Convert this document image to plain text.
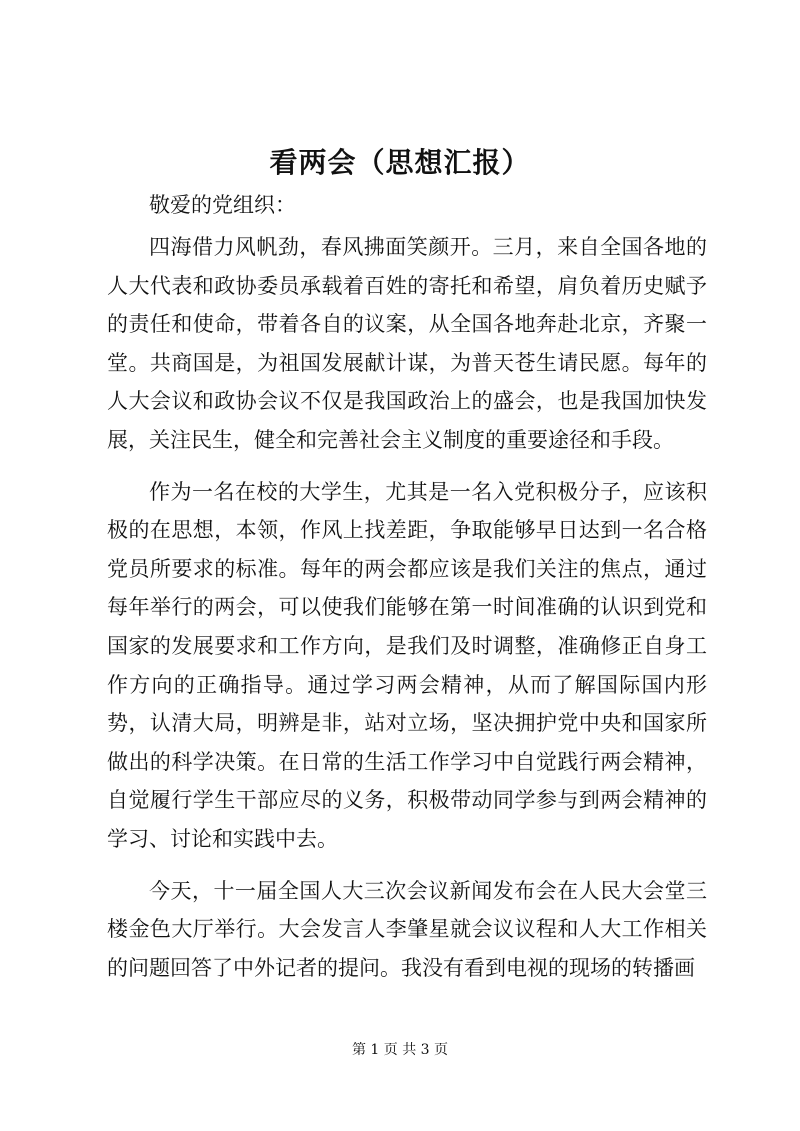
看两会（思想汇报）

敬爱的党组织：

四海借力风帆劲，春风拂面笑颜开。三月，来自全国各地的人大代表和政协委员承载着百姓的寄托和希望，肩负着历史赋予的责任和使命，带着各自的议案，从全国各地奔赴北京，齐聚一堂。共商国是，为祖国发展献计谋，为普天苍生请民愿。每年的人大会议和政协会议不仅是我国政治上的盛会，也是我国加快发展，关注民生，健全和完善社会主义制度的重要途径和手段。

作为一名在校的大学生，尤其是一名入党积极分子，应该积极的在思想，本领，作风上找差距，争取能够早日达到一名合格党员所要求的标准。每年的两会都应该是我们关注的焦点，通过每年举行的两会，可以使我们能够在第一时间准确的认识到党和国家的发展要求和工作方向，是我们及时调整，准确修正自身工作方向的正确指导。通过学习两会精神，从而了解国际国内形势，认清大局，明辨是非，站对立场，坚决拥护党中央和国家所做出的科学决策。在日常的生活工作学习中自觉践行两会精神，自觉履行学生干部应尽的义务，积极带动同学参与到两会精神的学习、讨论和实践中去。

今天，十一届全国人大三次会议新闻发布会在人民大会堂三楼金色大厅举行。大会发言人李肇星就会议议程和人大工作相关的问题回答了中外记者的提问。我没有看到电视的现场的转播画

第 1 页 共 3 页
